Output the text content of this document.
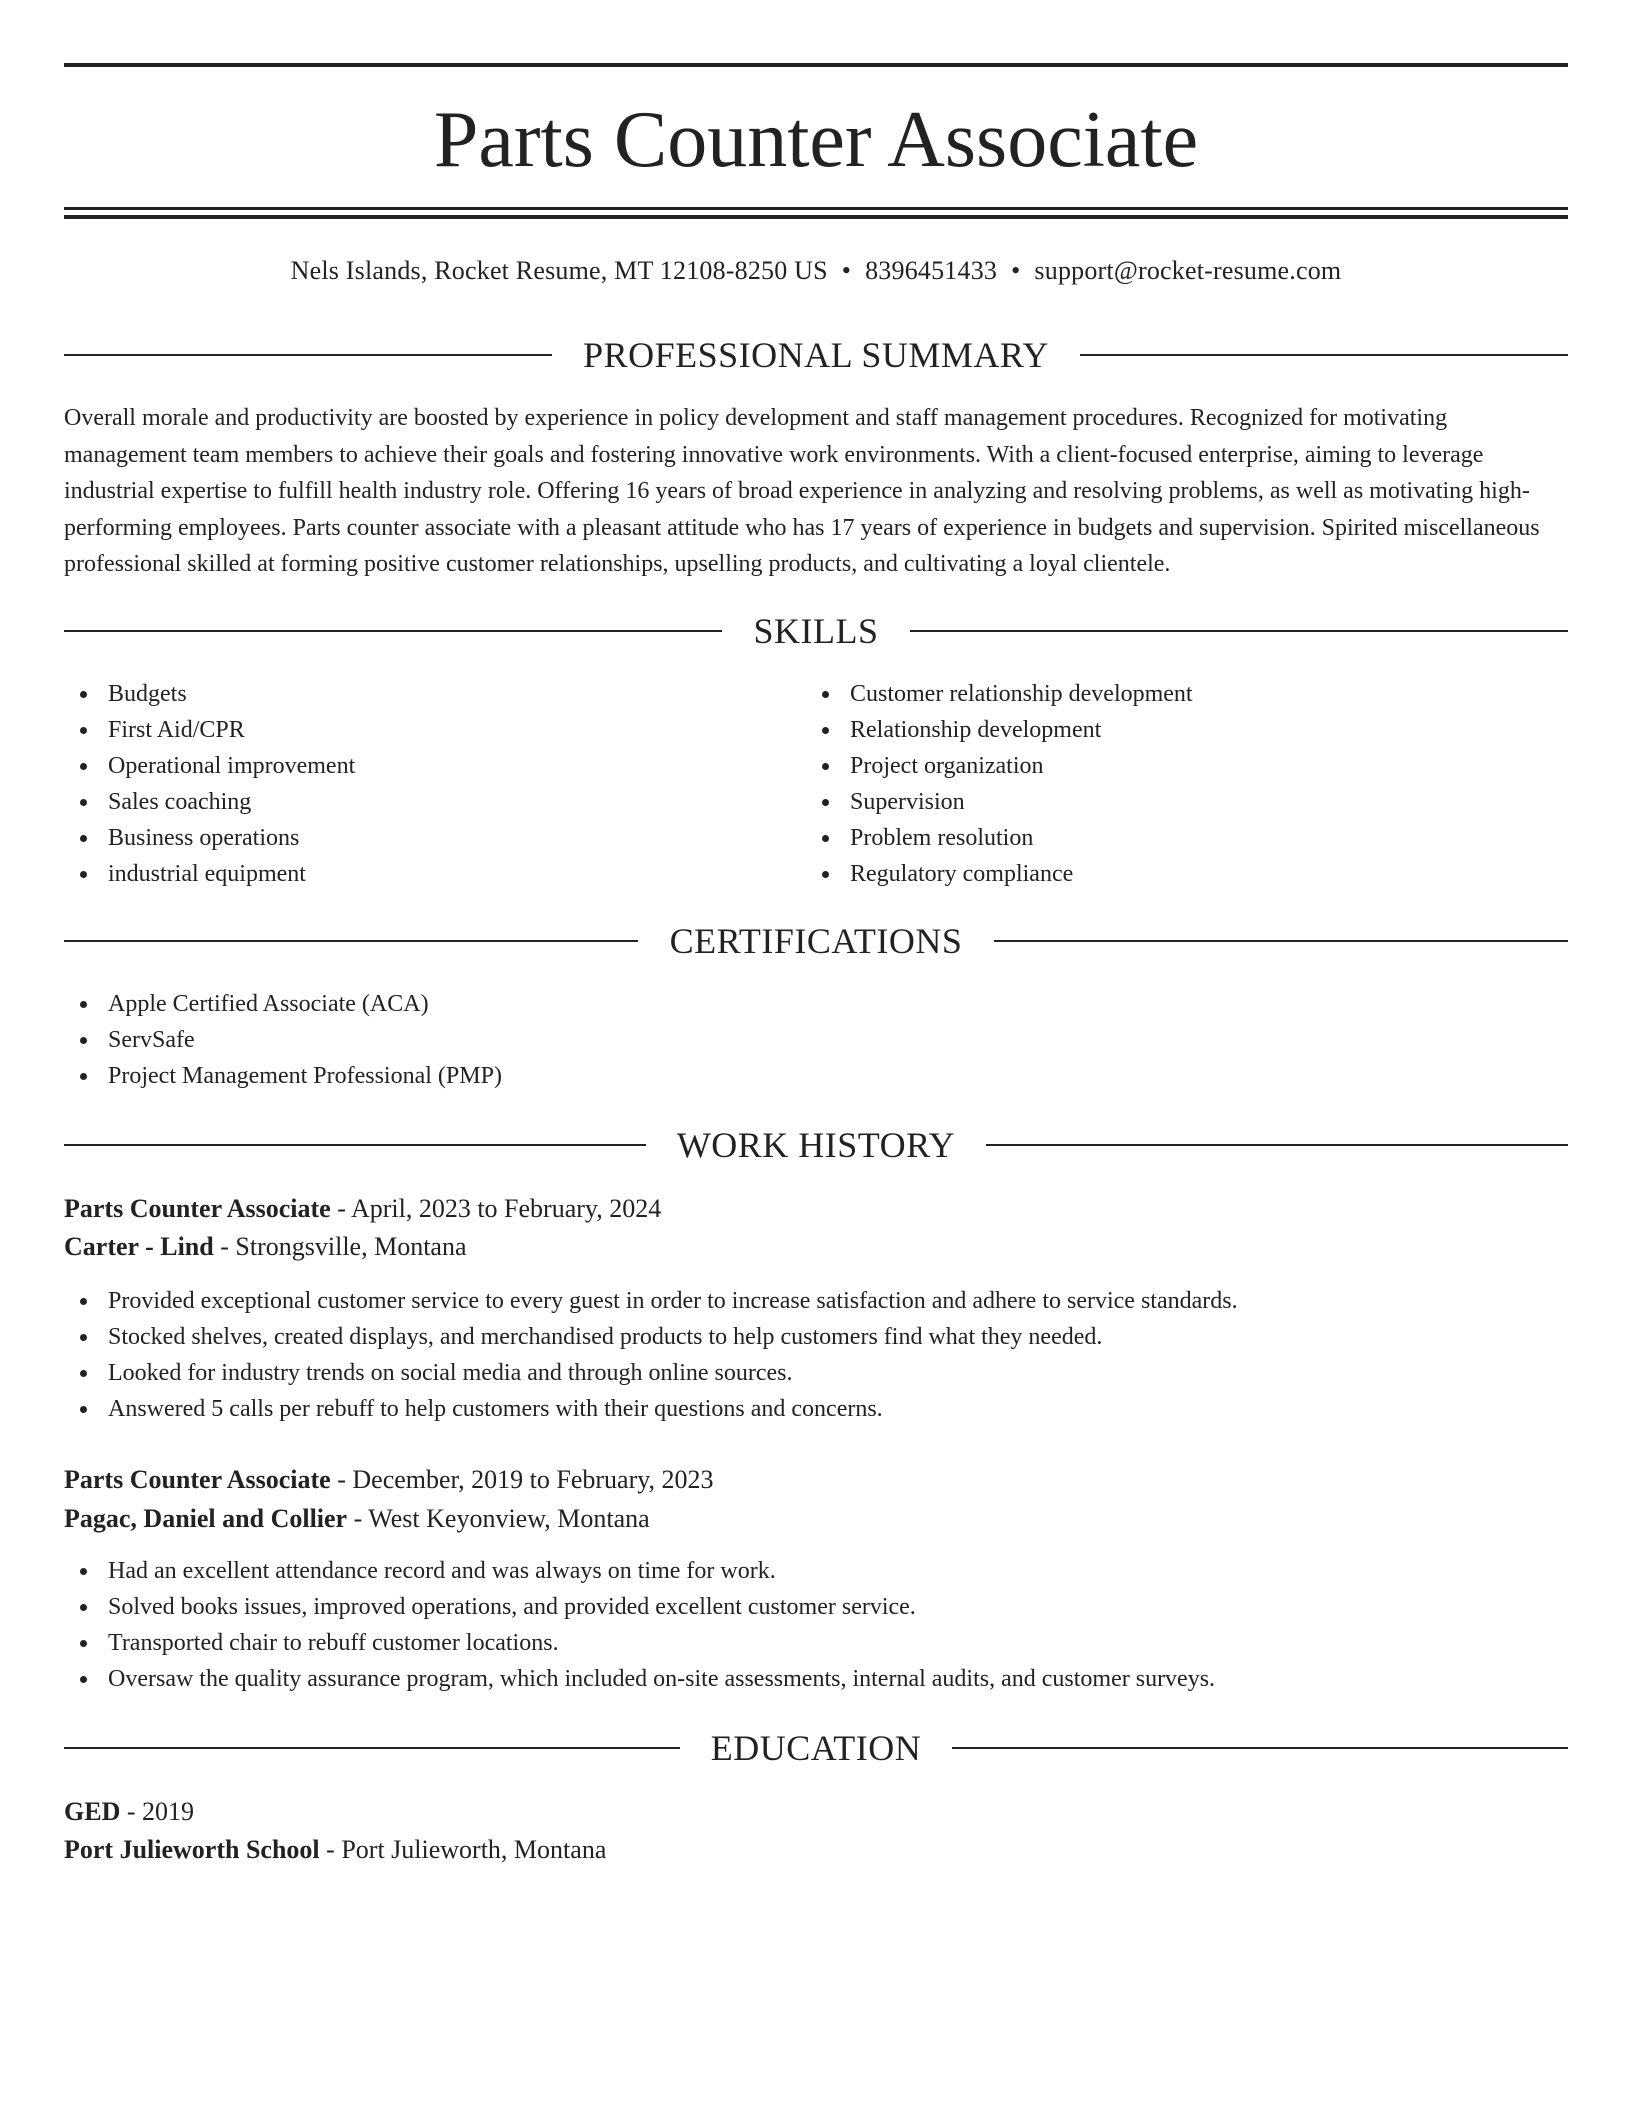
Parts Counter Associate
Nels Islands, Rocket Resume, MT 12108-8250 US • 8396451433 • support@rocket-resume.com
PROFESSIONAL SUMMARY

Overall morale and productivity are boosted by experience in policy development and staff management procedures. Recognized for motivating management team members to achieve their goals and fostering innovative work environments. With a client-focused enterprise, aiming to leverage industrial expertise to fulfill health industry role. Offering 16 years of broad experience in analyzing and resolving problems, as well as motivating high-performing employees. Parts counter associate with a pleasant attitude who has 17 years of experience in budgets and supervision. Spirited miscellaneous professional skilled at forming positive customer relationships, upselling products, and cultivating a loyal clientele.

SKILLS
Budgets
First Aid/CPR
Operational improvement
Sales coaching
Business operations
industrial equipment
Customer relationship development
Relationship development
Project organization
Supervision
Problem resolution
Regulatory compliance
CERTIFICATIONS
Apple Certified Associate (ACA)
ServSafe
Project Management Professional (PMP)
WORK HISTORY
Parts Counter Associate - April, 2023 to February, 2024
Carter - Lind - Strongsville, Montana
Provided exceptional customer service to every guest in order to increase satisfaction and adhere to service standards.
Stocked shelves, created displays, and merchandised products to help customers find what they needed.
Looked for industry trends on social media and through online sources.
Answered 5 calls per rebuff to help customers with their questions and concerns.
Parts Counter Associate - December, 2019 to February, 2023
Pagac, Daniel and Collier - West Keyonview, Montana
Had an excellent attendance record and was always on time for work.
Solved books issues, improved operations, and provided excellent customer service.
Transported chair to rebuff customer locations.
Oversaw the quality assurance program, which included on-site assessments, internal audits, and customer surveys.
EDUCATION
GED - 2019
Port Julieworth School - Port Julieworth, Montana
